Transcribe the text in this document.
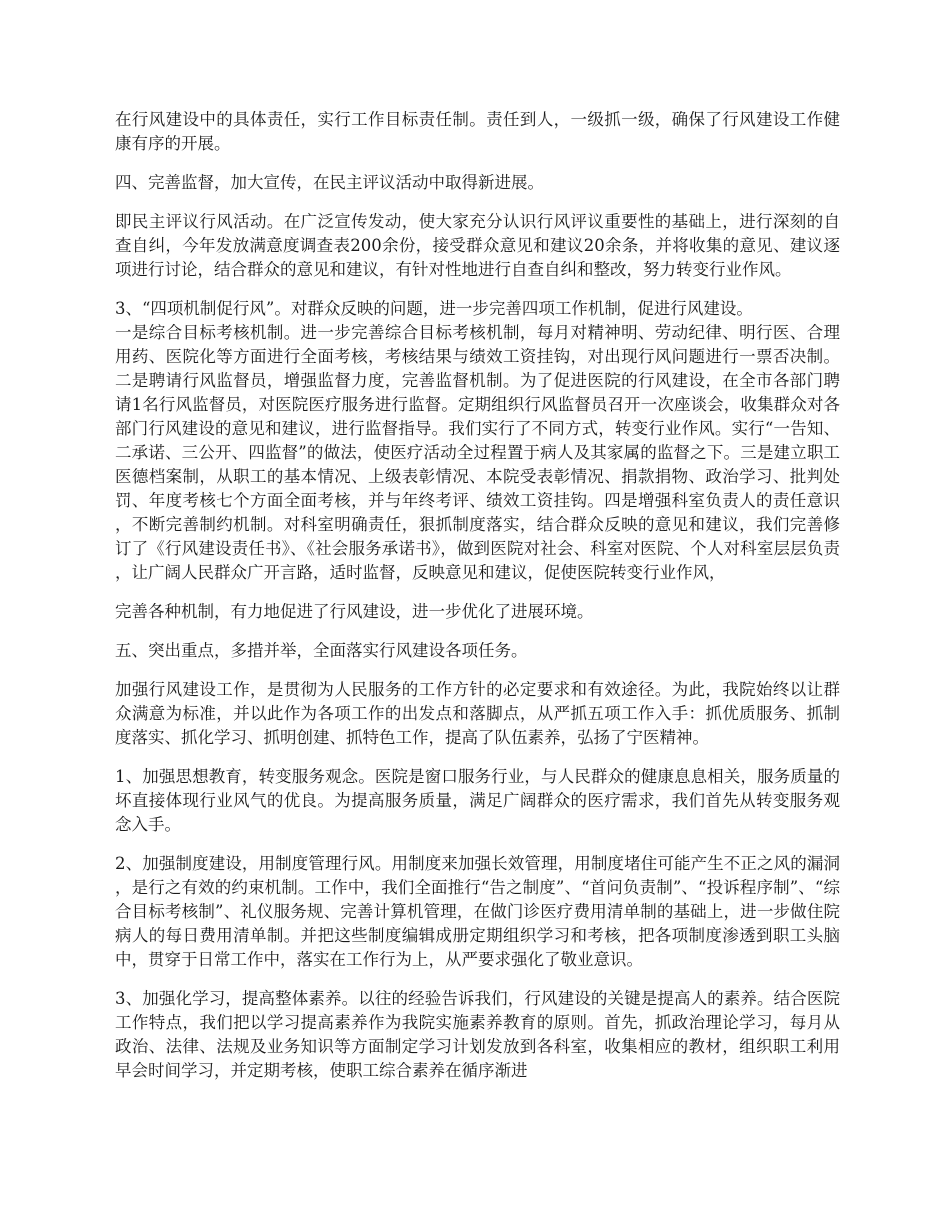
在行风建设中的具体责任，实行工作目标责任制。责任到人，一级抓一级，确保了行风建设工作健康有序的开展。

四、完善监督，加大宣传，在民主评议活动中取得新进展。

即民主评议行风活动。在广泛宣传发动，使大家充分认识行风评议重要性的基础上，进行深刻的自查自纠，今年发放满意度调查表200余份，接受群众意见和建议20余条，并将收集的意见、建议逐项进行讨论，结合群众的意见和建议，有针对性地进行自查自纠和整改，努力转变行业作风。

3、“四项机制促行风”。对群众反映的问题，进一步完善四项工作机制，促进行风建设。

一是综合目标考核机制。进一步完善综合目标考核机制，每月对精神明、劳动纪律、明行医、合理用药、医院化等方面进行全面考核，考核结果与绩效工资挂钩，对出现行风问题进行一票否决制。二是聘请行风监督员，增强监督力度，完善监督机制。为了促进医院的行风建设，在全市各部门聘请1名行风监督员，对医院医疗服务进行监督。定期组织行风监督员召开一次座谈会，收集群众对各部门行风建设的意见和建议，进行监督指导。我们实行了不同方式，转变行业作风。实行“一告知、二承诺、三公开、四监督”的做法，使医疗活动全过程置于病人及其家属的监督之下。三是建立职工医德档案制，从职工的基本情况、上级表彰情况、本院受表彰情况、捐款捐物、政治学习、批判处罚、年度考核七个方面全面考核，并与年终考评、绩效工资挂钩。四是增强科室负责人的责任意识，不断完善制约机制。对科室明确责任，狠抓制度落实，结合群众反映的意见和建议，我们完善修订了《行风建设责任书》、《社会服务承诺书》，做到医院对社会、科室对医院、个人对科室层层负责，让广阔人民群众广开言路，适时监督，反映意见和建议，促使医院转变行业作风，

完善各种机制，有力地促进了行风建设，进一步优化了进展环境。

五、突出重点，多措并举，全面落实行风建设各项任务。

加强行风建设工作，是贯彻为人民服务的工作方针的必定要求和有效途径。为此，我院始终以让群众满意为标准，并以此作为各项工作的出发点和落脚点，从严抓五项工作入手：抓优质服务、抓制度落实、抓化学习、抓明创建、抓特色工作，提高了队伍素养，弘扬了宁医精神。

1、加强思想教育，转变服务观念。医院是窗口服务行业，与人民群众的健康息息相关，服务质量的坏直接体现行业风气的优良。为提高服务质量，满足广阔群众的医疗需求，我们首先从转变服务观念入手。

2、加强制度建设，用制度管理行风。用制度来加强长效管理，用制度堵住可能产生不正之风的漏洞，是行之有效的约束机制。工作中，我们全面推行“告之制度”、“首问负责制”、“投诉程序制”、“综合目标考核制”、礼仪服务规、完善计算机管理，在做门诊医疗费用清单制的基础上，进一步做住院病人的每日费用清单制。并把这些制度编辑成册定期组织学习和考核，把各项制度渗透到职工头脑中，贯穿于日常工作中，落实在工作行为上，从严要求强化了敬业意识。

3、加强化学习，提高整体素养。以往的经验告诉我们，行风建设的关键是提高人的素养。结合医院工作特点，我们把以学习提高素养作为我院实施素养教育的原则。首先，抓政治理论学习，每月从政治、法律、法规及业务知识等方面制定学习计划发放到各科室，收集相应的教材，组织职工利用早会时间学习，并定期考核，使职工综合素养在循序渐进
